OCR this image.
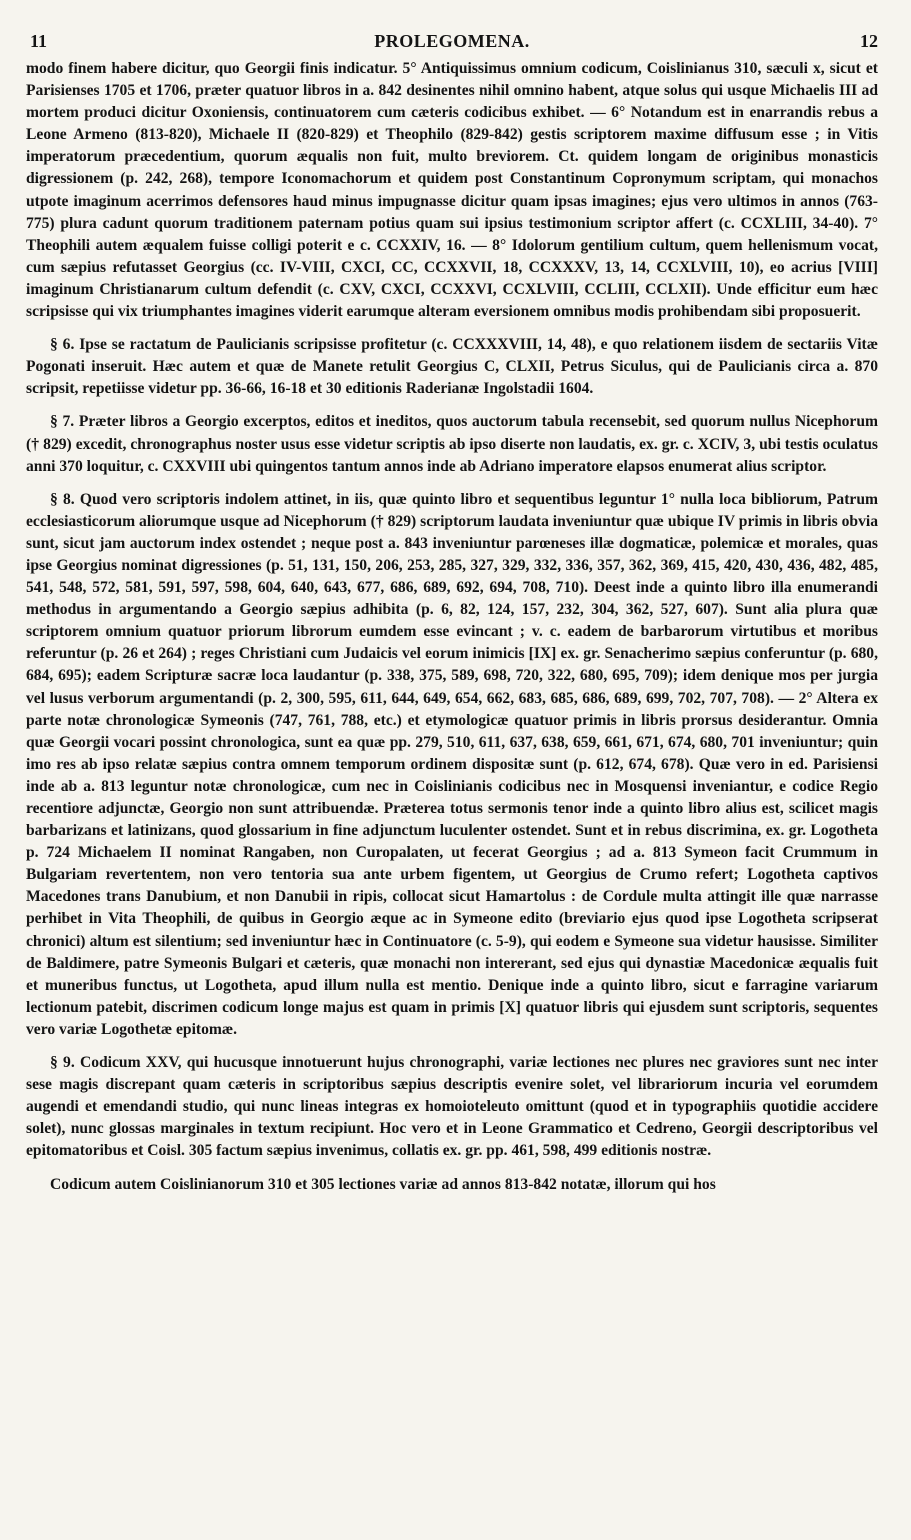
11	PROLEGOMENA.	12

modo finem habere dicitur, quo Georgii finis indicatur. 5° Antiquissimus omnium codicum, Coislinianus 310, sæculi x, sicut et Parisienses 1705 et 1706, præter quatuor libros in a. 842 desinentes nihil omnino habent, atque solus qui usque Michaelis III ad mortem produci dicitur Oxoniensis, continuatorem cum cæteris codicibus exhibet. — 6° Notandum est in enarrandis rebus a Leone Armeno (813-820), Michaele II (820-829) et Theophilo (829-842) gestis scriptorem maxime diffusum esse ; in Vitis imperatorum præcedentium, quorum æqualis non fuit, multo breviorem. Ct. quidem longam de originibus monasticis digressionem (p. 242, 268), tempore Iconomachorum et quidem post Constantinum Copronymum scriptam, qui monachos utpote imaginum acerrimos defensores haud minus impugnasse dicitur quam ipsas imagines; ejus vero ultimos in annos (763-775) plura cadunt quorum traditionem paternam potius quam sui ipsius testimonium scriptor affert (c. CCXLIII, 34-40). 7° Theophili autem æqualem fuisse colligi poterit e c. CCXXIV, 16. — 8° Idolorum gentilium cultum, quem hellenismum vocat, cum sæpius refutasset Georgius (cc. IV-VIII, CXCI, CC, CCXXVII, 18, CCXXXV, 13, 14, CCXLVIII, 10), eo acrius [VIII] imaginum Christianarum cultum defendit (c. CXV, CXCI, CCXXVI, CCXLVIII, CCLIII, CCLXII). Unde efficitur eum hæc scripsisse qui vix triumphantes imagines viderit earumque alteram eversionem omnibus modis prohibendam sibi proposuerit.

§ 6. Ipse se ractatum de Paulicianis scripsisse profitetur (c. CCXXXVIII, 14, 48), e quo relationem iisdem de sectariis Vitæ Pogonati inseruit. Hæc autem et quæ de Manete retulit Georgius C, CLXII, Petrus Siculus, qui de Paulicianis circa a. 870 scripsit, repetiisse videtur pp. 36-66, 16-18 et 30 editionis Raderianæ Ingolstadii 1604.

§ 7. Præter libros a Georgio excerptos, editos et ineditos, quos auctorum tabula recensebit, sed quorum nullus Nicephorum († 829) excedit, chronographus noster usus esse videtur scriptis ab ipso diserte non laudatis, ex. gr. c. XCIV, 3, ubi testis oculatus anni 370 loquitur, c. CXXVIII ubi quingentos tantum annos inde ab Adriano imperatore elapsos enumerat alius scriptor.

§ 8. Quod vero scriptoris indolem attinet, in iis, quæ quinto libro et sequentibus leguntur 1° nulla loca bibliorum, Patrum ecclesiasticorum aliorumque usque ad Nicephorum († 829) scriptorum laudata inveniuntur quæ ubique IV primis in libris obvia sunt, sicut jam auctorum index ostendet ; neque post a. 843 inveniuntur parœneses illæ dogmaticæ, polemicæ et morales, quas ipse Georgius nominat digressiones (p. 51, 131, 150, 206, 253, 285, 327, 329, 332, 336, 357, 362, 369, 415, 420, 430, 436, 482, 485, 541, 548, 572, 581, 591, 597, 598, 604, 640, 643, 677, 686, 689, 692, 694, 708, 710). Deest inde a quinto libro illa enumerandi methodus in argumentando a Georgio sæpius adhibita (p. 6, 82, 124, 157, 232, 304, 362, 527, 607). Sunt alia plura quæ scriptorem omnium quatuor priorum librorum eumdem esse evincant ; v. c. eadem de barbarorum virtutibus et moribus referuntur (p. 26 et 264) ; reges Christiani cum Judaicis vel eorum inimicis [IX] ex. gr. Senacherimo sæpius conferuntur (p. 680, 684, 695); eadem Scripturæ sacræ loca laudantur (p. 338, 375, 589, 698, 720, 322, 680, 695, 709); idem denique mos per jurgia vel lusus verborum argumentandi (p. 2, 300, 595, 611, 644, 649, 654, 662, 683, 685, 686, 689, 699, 702, 707, 708). — 2° Altera ex parte notæ chronologicæ Symeonis (747, 761, 788, etc.) et etymologicæ quatuor primis in libris prorsus desiderantur. Omnia quæ Georgii vocari possint chronologica, sunt ea quæ pp. 279, 510, 611, 637, 638, 659, 661, 671, 674, 680, 701 inveniuntur; quin imo res ab ipso relatæ sæpius contra omnem temporum ordinem dispositæ sunt (p. 612, 674, 678). Quæ vero in ed. Parisiensi inde ab a. 813 leguntur notæ chronologicæ, cum nec in Coislinianis codicibus nec in Mosquensi inveniantur, e codice Regio recentiore adjunctæ, Georgio non sunt attribuendæ. Præterea totus sermonis tenor inde a quinto libro alius est, scilicet magis barbarizans et latinizans, quod glossarium in fine adjunctum luculenter ostendet. Sunt et in rebus discrimina, ex. gr. Logotheta p. 724 Michaelem II nominat Rangaben, non Curopalaten, ut fecerat Georgius ; ad a. 813 Symeon facit Crummum in Bulgariam revertentem, non vero tentoria sua ante urbem figentem, ut Georgius de Crumo refert; Logotheta captivos Macedones trans Danubium, et non Danubii in ripis, collocat sicut Hamartolus : de Cordule multa attingit ille quæ narrasse perhibet in Vita Theophili, de quibus in Georgio æque ac in Symeone edito (breviario ejus quod ipse Logotheta scripserat chronici) altum est silentium; sed inveniuntur hæc in Continuatore (c. 5-9), qui eodem e Symeone sua videtur hausisse. Similiter de Baldimere, patre Symeonis Bulgari et cæteris, quæ monachi non intererant, sed ejus qui dynastiæ Macedonicæ æqualis fuit et muneribus functus, ut Logotheta, apud illum nulla est mentio. Denique inde a quinto libro, sicut e farragine variarum lectionum patebit, discrimen codicum longe majus est quam in primis [X] quatuor libris qui ejusdem sunt scriptoris, sequentes vero variæ Logothetæ epitomæ.

§ 9. Codicum XXV, qui hucusque innotuerunt hujus chronographi, variæ lectiones nec plures nec graviores sunt nec inter sese magis discrepant quam cæteris in scriptoribus sæpius descriptis evenire solet, vel librariorum incuria vel eorumdem augendi et emendandi studio, qui nunc lineas integras ex homoioteleuto omittunt (quod et in typographiis quotidie accidere solet), nunc glossas marginales in textum recipiunt. Hoc vero et in Leone Grammatico et Cedreno, Georgii descriptoribus vel epitomatoribus et Coisl. 305 factum sæpius invenimus, collatis ex. gr. pp. 461, 598, 499 editionis nostræ.

Codicum autem Coislinianorum 310 et 305 lectiones variæ ad annos 813-842 notatæ, illorum qui hos
